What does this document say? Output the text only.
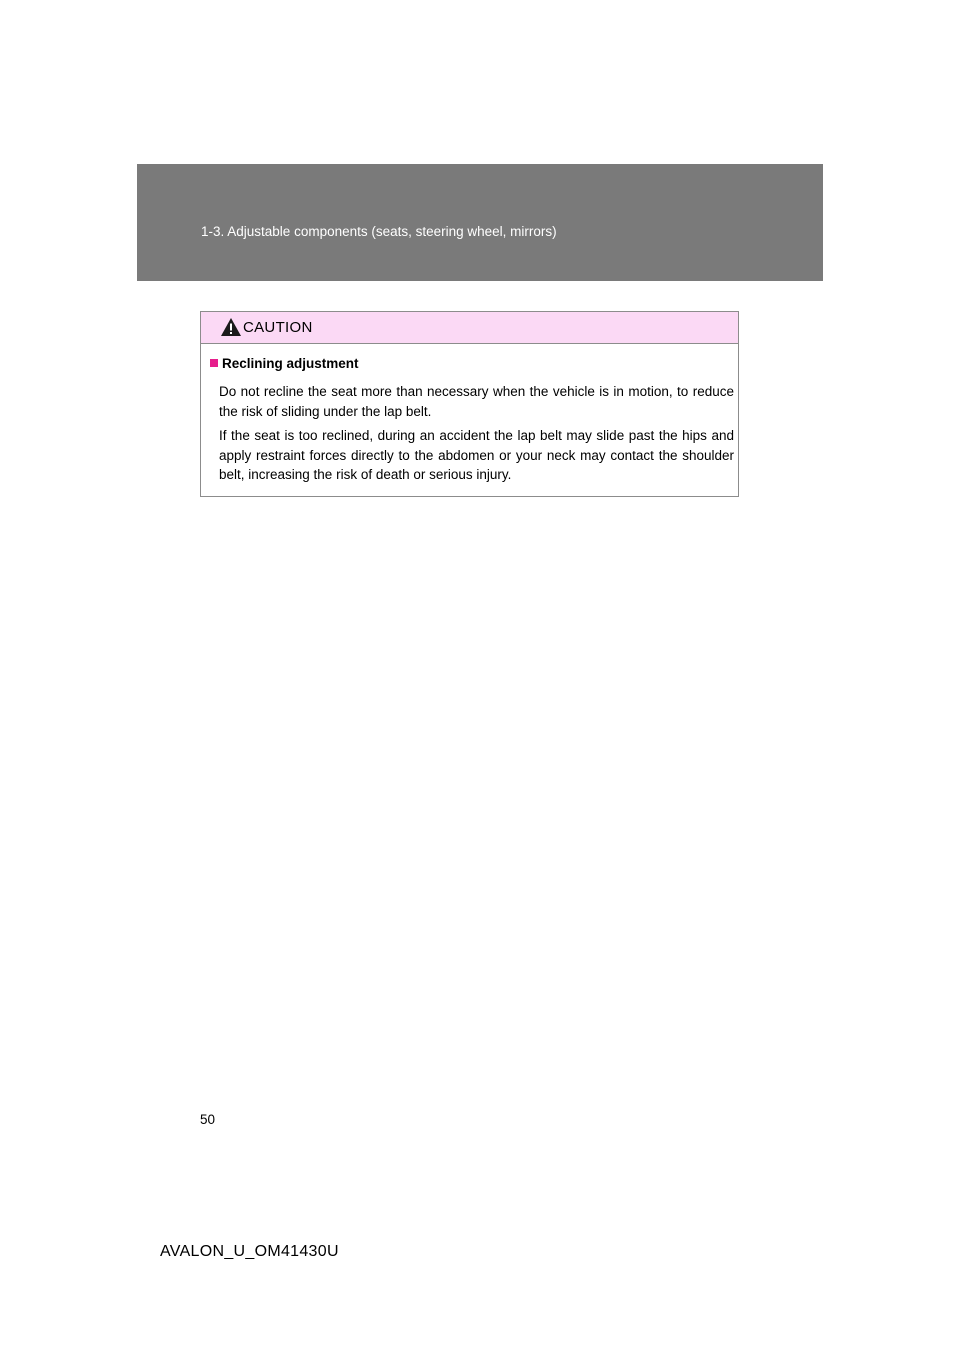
1-3. Adjustable components (seats, steering wheel, mirrors)
CAUTION
Reclining adjustment

Do not recline the seat more than necessary when the vehicle is in motion, to reduce the risk of sliding under the lap belt.

If the seat is too reclined, during an accident the lap belt may slide past the hips and apply restraint forces directly to the abdomen or your neck may contact the shoulder belt, increasing the risk of death or serious injury.

50
AVALON_U_OM41430U
